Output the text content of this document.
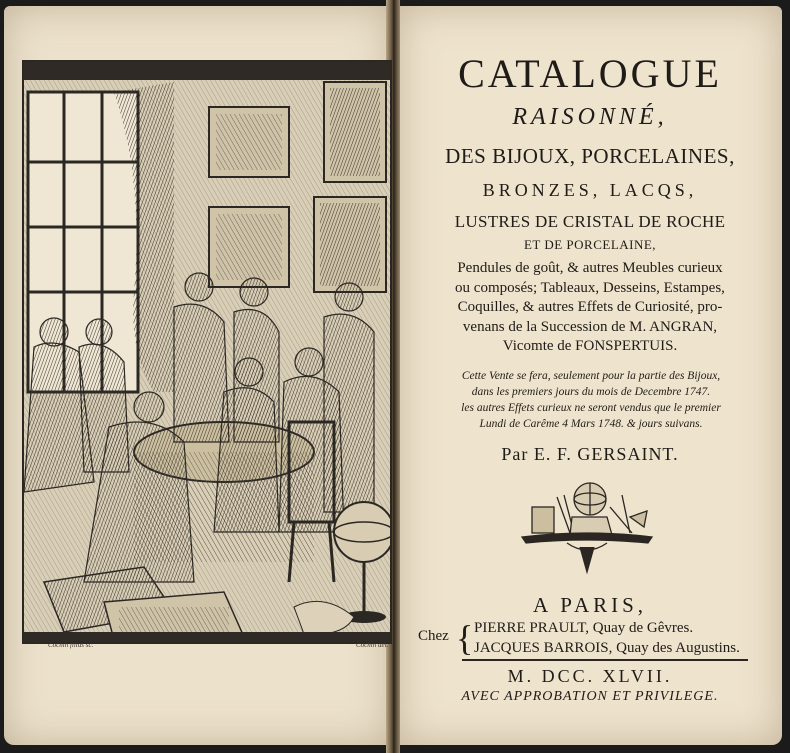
Cochin filius sc.	Cochin del.
CATALOGUE
RAISONNÉ,
DES BIJOUX, PORCELAINES,
BRONZES, LACQS,
LUSTRES DE CRISTAL DE ROCHE
ET DE PORCELAINE,
Pendules de goût, & autres Meubles curieux
ou composés; Tableaux, Desseins, Estampes,
Coquilles, & autres Effets de Curiosité, pro-
venans de la Succession de M. ANGRAN,
Vicomte de FONSPERTUIS.
Cette Vente se fera, seulement pour la partie des Bijoux,
dans les premiers jours du mois de Decembre 1747.
les autres Effets curieux ne seront vendus que le premier
Lundi de Carême 4 Mars 1748. & jours suivans.
Par E. F. GERSAINT.
A PARIS,
Chez { PIERRE PRAULT, Quay de Gêvres.
JACQUES BARROIS, Quay des Augustins.
M. DCC. XLVII.
AVEC APPROBATION ET PRIVILEGE.
